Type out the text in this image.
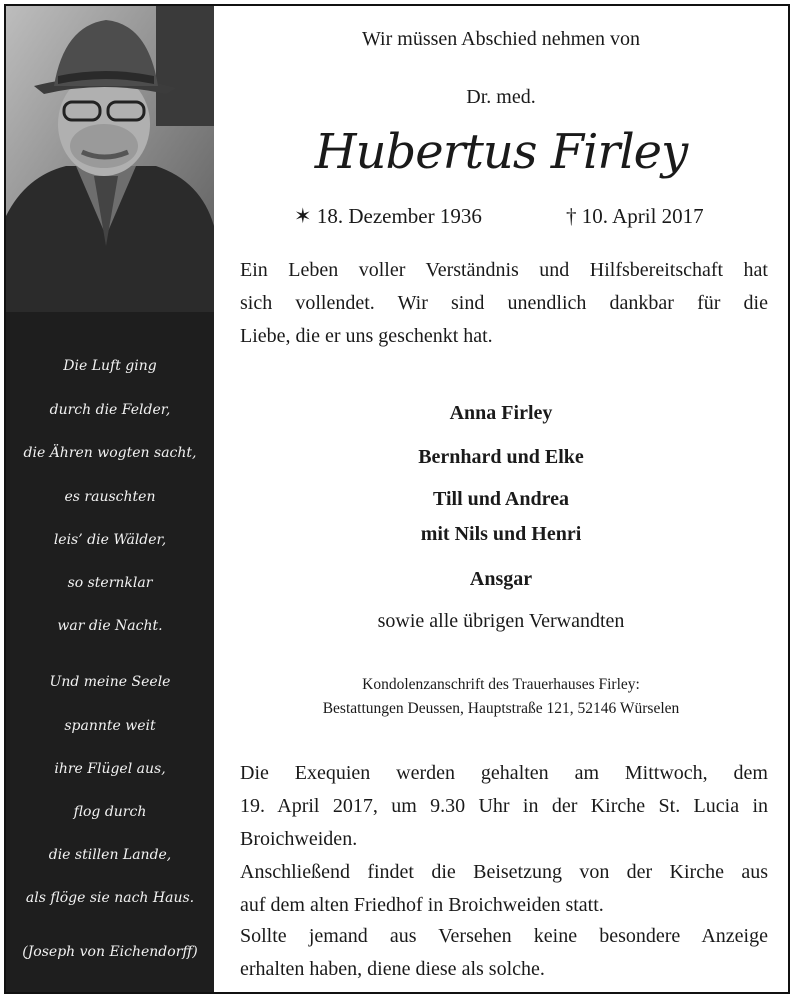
Die Luft ging
durch die Felder,
die Ähren wogten sacht,
es rauschten
leis’ die Wälder,
so sternklar
war die Nacht.
Und meine Seele
spannte weit
ihre Flügel aus,
flog durch
die stillen Lande,
als flöge sie nach Haus.
(Joseph von Eichendorff)
Wir müssen Abschied nehmen von
Dr. med.
Hubertus Firley
✶ 18. Dezember 1936	† 10. April 2017
Ein Leben voller Verständnis und Hilfsbereitschaft hat
sich vollendet. Wir sind unendlich dankbar für die
Liebe, die er uns geschenkt hat.
Anna Firley
Bernhard und Elke
Till und Andrea
mit Nils und Henri
Ansgar
sowie alle übrigen Verwandten
Kondolenzanschrift des Trauerhauses Firley:
Bestattungen Deussen, Hauptstraße 121, 52146 Würselen
Die Exequien werden gehalten am Mittwoch, dem
19. April 2017, um 9.30 Uhr in der Kirche St. Lucia in
Broichweiden.
Anschließend findet die Beisetzung von der Kirche aus
auf dem alten Friedhof in Broichweiden statt.
Sollte jemand aus Versehen keine besondere Anzeige
erhalten haben, diene diese als solche.
